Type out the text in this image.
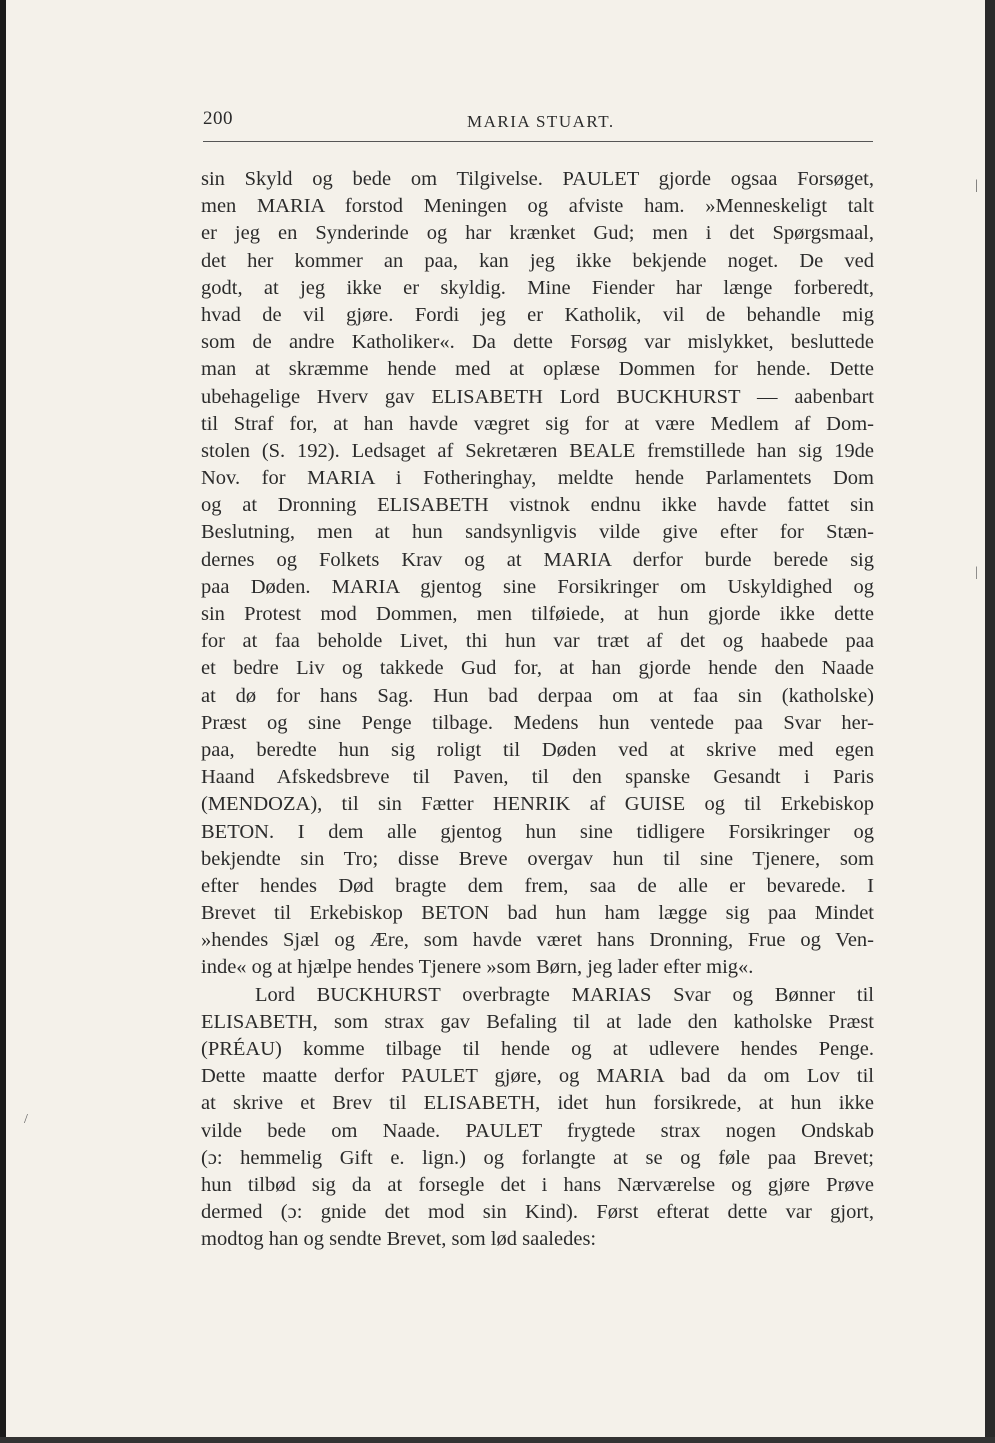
200	MARIA STUART.
|
|
/
sin Skyld og bede om Tilgivelse. PAULET gjorde ogsaa Forsøget,
men MARIA forstod Meningen og afviste ham. »Menneskeligt talt
er jeg en Synderinde og har krænket Gud; men i det Spørgsmaal,
det her kommer an paa, kan jeg ikke bekjende noget. De ved
godt, at jeg ikke er skyldig. Mine Fiender har længe forberedt,
hvad de vil gjøre. Fordi jeg er Katholik, vil de behandle mig
som de andre Katholiker«. Da dette Forsøg var mislykket, besluttede
man at skræmme hende med at oplæse Dommen for hende. Dette
ubehagelige Hverv gav ELISABETH Lord BUCKHURST — aabenbart
til Straf for, at han havde vægret sig for at være Medlem af Dom-
stolen (S. 192). Ledsaget af Sekretæren BEALE fremstillede han sig 19de
Nov. for MARIA i Fotheringhay, meldte hende Parlamentets Dom
og at Dronning ELISABETH vistnok endnu ikke havde fattet sin
Beslutning, men at hun sandsynligvis vilde give efter for Stæn-
dernes og Folkets Krav og at MARIA derfor burde berede sig
paa Døden. MARIA gjentog sine Forsikringer om Uskyldighed og
sin Protest mod Dommen, men tilføiede, at hun gjorde ikke dette
for at faa beholde Livet, thi hun var træt af det og haabede paa
et bedre Liv og takkede Gud for, at han gjorde hende den Naade
at dø for hans Sag. Hun bad derpaa om at faa sin (katholske)
Præst og sine Penge tilbage. Medens hun ventede paa Svar her-
paa, beredte hun sig roligt til Døden ved at skrive med egen
Haand Afskedsbreve til Paven, til den spanske Gesandt i Paris
(MENDOZA), til sin Fætter HENRIK af GUISE og til Erkebiskop
BETON. I dem alle gjentog hun sine tidligere Forsikringer og
bekjendte sin Tro; disse Breve overgav hun til sine Tjenere, som
efter hendes Død bragte dem frem, saa de alle er bevarede. I
Brevet til Erkebiskop BETON bad hun ham lægge sig paa Mindet
»hendes Sjæl og Ære, som havde været hans Dronning, Frue og Ven-
inde« og at hjælpe hendes Tjenere »som Børn, jeg lader efter mig«.
Lord BUCKHURST overbragte MARIAS Svar og Bønner til
ELISABETH, som strax gav Befaling til at lade den katholske Præst
(PRÉAU) komme tilbage til hende og at udlevere hendes Penge.
Dette maatte derfor PAULET gjøre, og MARIA bad da om Lov til
at skrive et Brev til ELISABETH, idet hun forsikrede, at hun ikke
vilde bede om Naade. PAULET frygtede strax nogen Ondskab
(ɔ: hemmelig Gift e. lign.) og forlangte at se og føle paa Brevet;
hun tilbød sig da at forsegle det i hans Nærværelse og gjøre Prøve
dermed (ɔ: gnide det mod sin Kind). Først efterat dette var gjort,
modtog han og sendte Brevet, som lød saaledes:
